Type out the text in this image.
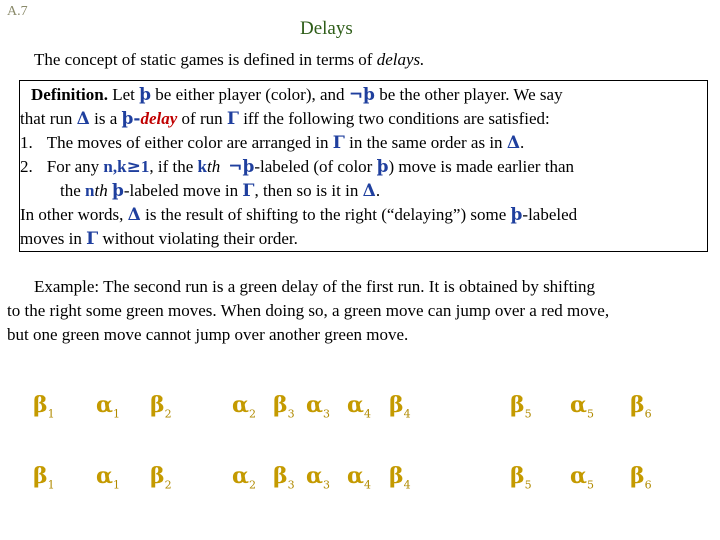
A.7
Delays
The concept of static games is defined in terms of delays.
Definition. Let þ be either player (color), and ¬þ be the other player. We say
that run Δ is a þ-delay of run Γ iff the following two conditions are satisfied:
1. The moves of either color are arranged in Γ in the same order as in Δ.
2. For any n,k≥1, if the kth ¬þ-labeled (of color þ) move is made earlier than
the nth þ-labeled move in Γ, then so is it in Δ.
In other words, Δ is the result of shifting to the right (“delaying”) some þ-labeled
moves in Γ without violating their order.
Example: The second run is a green delay of the first run. It is obtained by shifting
to the right some green moves. When doing so, a green move can jump over a red move,
but one green move cannot jump over another green move.
$\beta_1$ $\alpha_1$ $\beta_2$	$\alpha_2$ $\beta_3$ $\alpha_3$ $\alpha_4$ $\beta_4$	$\beta_5$ $\alpha_5$ $\beta_6$
$\beta_1$ $\alpha_1$ $\beta_2$	$\alpha_2$ $\beta_3$ $\alpha_3$ $\alpha_4$ $\beta_4$	$\beta_5$ $\alpha_5$ $\beta_6$
